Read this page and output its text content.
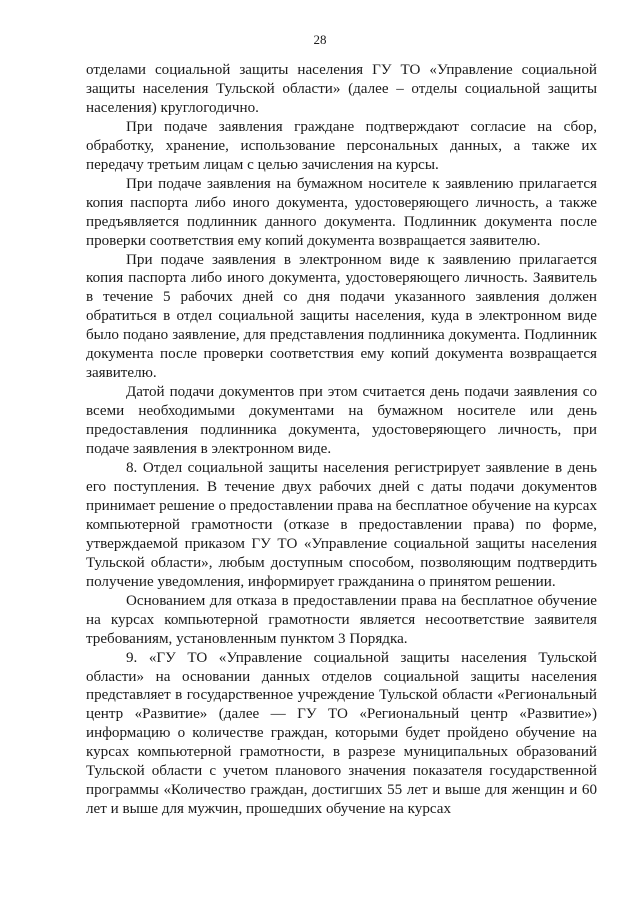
28

отделами социальной защиты населения ГУ ТО «Управление социальной защиты населения Тульской области» (далее – отделы социальной защиты населения) круглогодично.

При подаче заявления граждане подтверждают согласие на сбор, обработку, хранение, использование персональных данных, а также их передачу третьим лицам с целью зачисления на курсы.

При подаче заявления на бумажном носителе к заявлению прилагается копия паспорта либо иного документа, удостоверяющего личность, а также предъявляется подлинник данного документа. Подлинник документа после проверки соответствия ему копий документа возвращается заявителю.

При подаче заявления в электронном виде к заявлению прилагается копия паспорта либо иного документа, удостоверяющего личность. Заявитель в течение 5 рабочих дней со дня подачи указанного заявления должен обратиться в отдел социальной защиты населения, куда в электронном виде было подано заявление, для представления подлинника документа. Подлинник документа после проверки соответствия ему копий документа возвращается заявителю.

Датой подачи документов при этом считается день подачи заявления со всеми необходимыми документами на бумажном носителе или день предоставления подлинника документа, удостоверяющего личность, при подаче заявления в электронном виде.

8. Отдел социальной защиты населения регистрирует заявление в день его поступления. В течение двух рабочих дней с даты подачи документов принимает решение о предоставлении права на бесплатное обучение на курсах компьютерной грамотности (отказе в предоставлении права) по форме, утверждаемой приказом ГУ ТО «Управление социальной защиты населения Тульской области», любым доступным способом, позволяющим подтвердить получение уведомления, информирует гражданина о принятом решении.

Основанием для отказа в предоставлении права на бесплатное обучение на курсах компьютерной грамотности является несоответствие заявителя требованиям, установленным пунктом 3 Порядка.

9. «ГУ ТО «Управление социальной защиты населения Тульской области» на основании данных отделов социальной защиты населения представляет в государственное учреждение Тульской области «Региональный центр «Развитие» (далее — ГУ ТО «Региональный центр «Развитие») информацию о количестве граждан, которыми будет пройдено обучение на курсах компьютерной грамотности, в разрезе муниципальных образований Тульской области с учетом планового значения показателя государственной программы «Количество граждан, достигших 55 лет и выше для женщин и 60 лет и выше для мужчин, прошедших обучение на курсах
